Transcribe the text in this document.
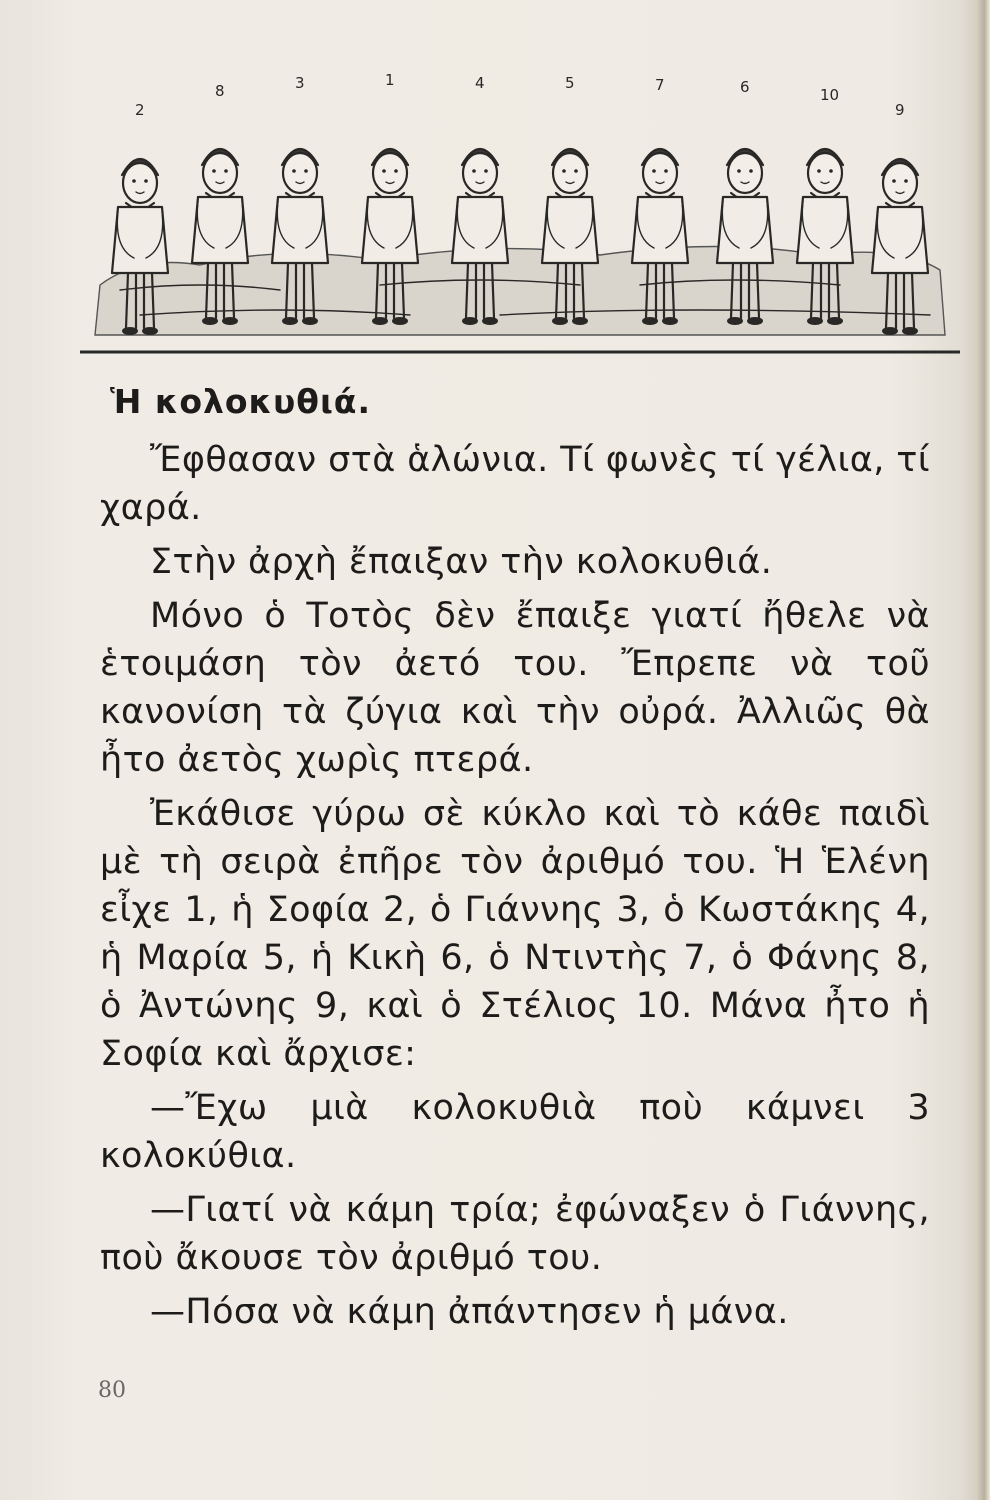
2
8	3	1	4	5	7	6	10
9
Ἡ κολοκυθιά.

Ἔφθασαν στὰ ἁλώνια. Τί φωνὲς τί γέλια, τί χαρά.

Στὴν ἀρχὴ ἔπαιξαν τὴν κολοκυθιά.

Μόνο ὁ Τοτὸς δὲν ἔπαιξε γιατί ἤθελε νὰ ἑτοιμάση τὸν ἀετό του. Ἔπρεπε νὰ τοῦ κανονίση τὰ ζύγια καὶ τὴν οὐρά. Ἀλλιῶς θὰ ἦτο ἀετὸς χωρὶς πτερά.

Ἐκάθισε γύρω σὲ κύκλο καὶ τὸ κάθε παιδὶ μὲ τὴ σειρὰ ἐπῆρε τὸν ἀριθμό του. Ἡ Ἑλένη εἶχε 1, ἡ Σοφία 2, ὁ Γιάννης 3, ὁ Κωστάκης 4, ἡ Μαρία 5, ἡ Κικὴ 6, ὁ Ντιντὴς 7, ὁ Φάνης 8, ὁ Ἀντώνης 9, καὶ ὁ Στέλιος 10. Μάνα ἦτο ἡ Σοφία καὶ ἄρχισε:

—Ἔχω μιὰ κολοκυθιὰ ποὺ κάμνει 3 κολοκύθια.

—Γιατί νὰ κάμη τρία; ἐφώναξεν ὁ Γιάννης, ποὺ ἄκουσε τὸν ἀριθμό του.

—Πόσα νὰ κάμη ἀπάντησεν ἡ μάνα.

80
